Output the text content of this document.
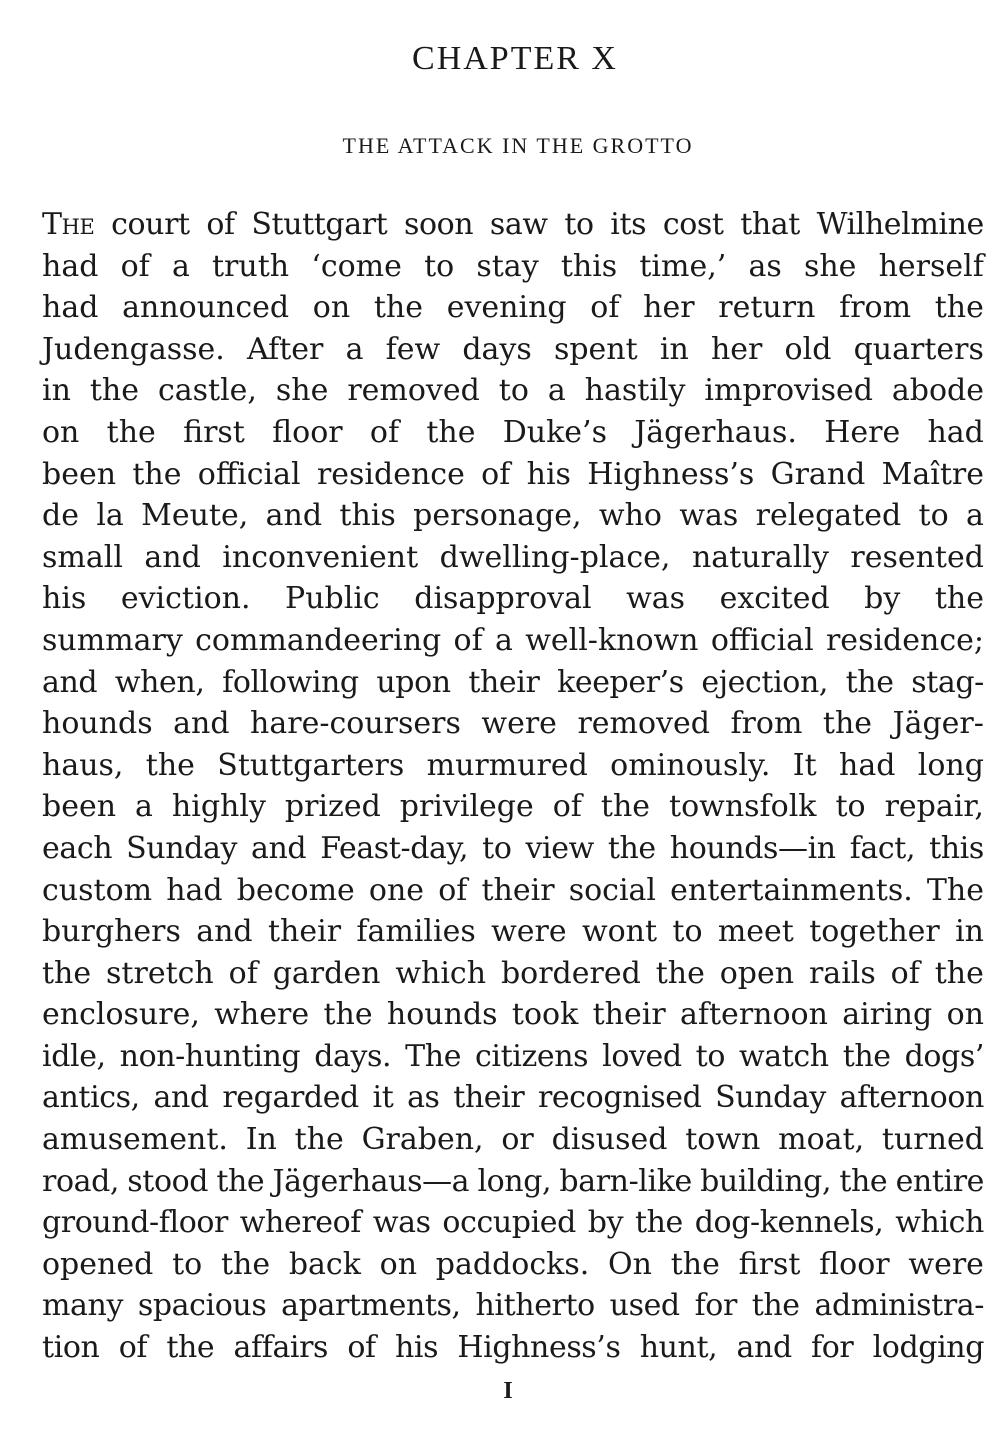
CHAPTER X
THE ATTACK IN THE GROTTO
The court of Stuttgart soon saw to its cost that Wilhelmine
had of a truth ‘come to stay this time,’ as she herself
had announced on the evening of her return from the
Judengasse. After a few days spent in her old quarters
in the castle, she removed to a hastily improvised abode
on the first floor of the Duke’s Jägerhaus. Here had
been the official residence of his Highness’s Grand Maître
de la Meute, and this personage, who was relegated to a
small and inconvenient dwelling-place, naturally resented
his eviction. Public disapproval was excited by the
summary commandeering of a well-known official residence;
and when, following upon their keeper’s ejection, the stag-
hounds and hare-coursers were removed from the Jäger-
haus, the Stuttgarters murmured ominously. It had long
been a highly prized privilege of the townsfolk to repair,
each Sunday and Feast-day, to view the hounds—in fact, this
custom had become one of their social entertainments. The
burghers and their families were wont to meet together in
the stretch of garden which bordered the open rails of the
enclosure, where the hounds took their afternoon airing on
idle, non-hunting days. The citizens loved to watch the dogs’
antics, and regarded it as their recognised Sunday afternoon
amusement. In the Graben, or disused town moat, turned
road, stood the Jägerhaus—a long, barn-like building, the entire
ground-floor whereof was occupied by the dog-kennels, which
opened to the back on paddocks. On the first floor were
many spacious apartments, hitherto used for the administra-
tion of the affairs of his Highness’s hunt, and for lodging
I
